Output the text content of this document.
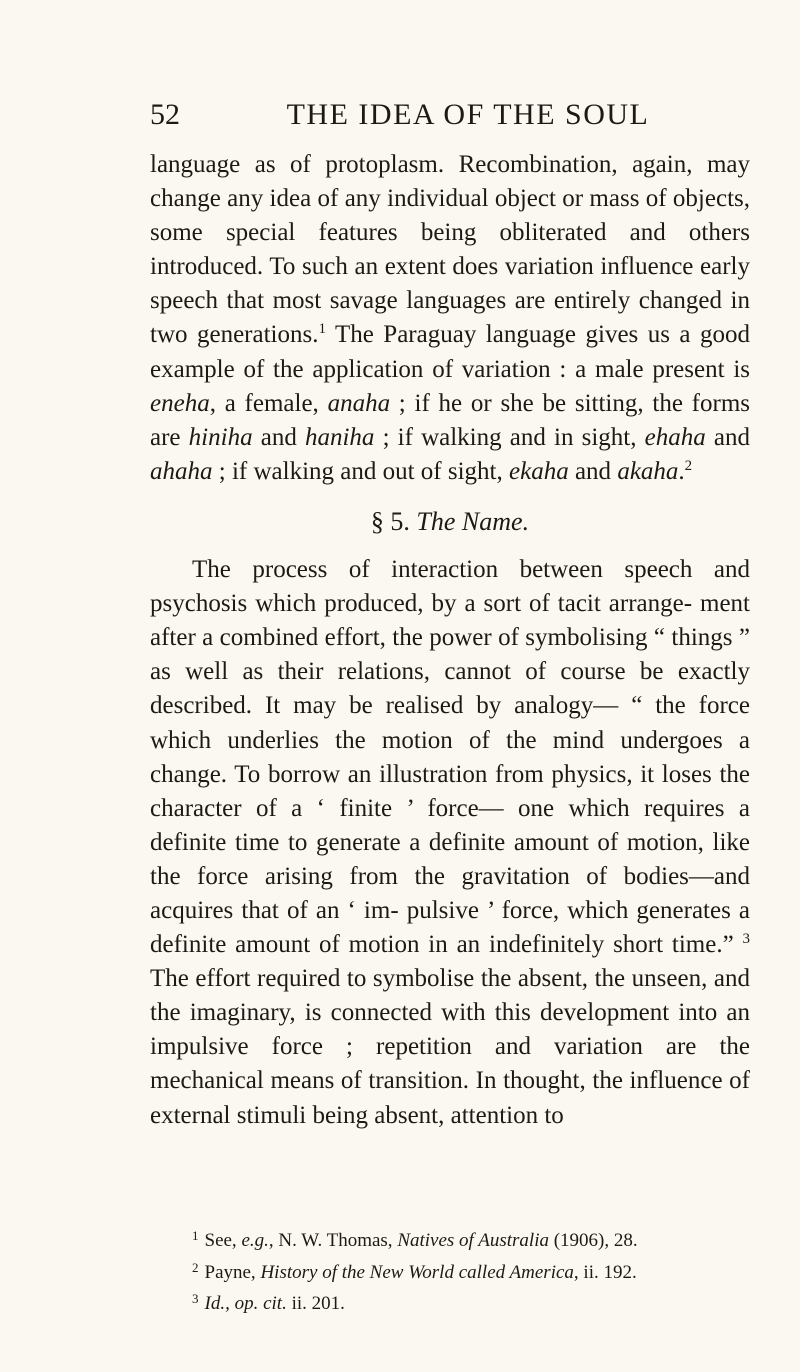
52	THE IDEA OF THE SOUL

language as of protoplasm. Recombination, again, may change any idea of any individual object or mass of objects, some special features being obliterated and others introduced. To such an extent does variation influence early speech that most savage languages are entirely changed in two generations.$^1$ The Paraguay language gives us a good example of the application of variation : a male present is eneha, a female, anaha ; if he or she be sitting, the forms are hiniha and haniha ; if walking and in sight, ehaha and ahaha ; if walking and out of sight, ekaha and akaha.$^2$

§ 5. The Name.

The process of interaction between speech and psychosis which produced, by a sort of tacit arrange- ment after a combined effort, the power of symbolising “ things ” as well as their relations, cannot of course be exactly described. It may be realised by analogy— “ the force which underlies the motion of the mind undergoes a change. To borrow an illustration from physics, it loses the character of a ‘ finite ’ force— one which requires a definite time to generate a definite amount of motion, like the force arising from the gravitation of bodies—and acquires that of an ‘ im- pulsive ’ force, which generates a definite amount of motion in an indefinitely short time.” $^3$ The effort required to symbolise the absent, the unseen, and the imaginary, is connected with this development into an impulsive force ; repetition and variation are the mechanical means of transition. In thought, the influence of external stimuli being absent, attention to

$^1$ See, e.g., N. W. Thomas, Natives of Australia (1906), 28.
$^2$ Payne, History of the New World called America, ii. 192.
$^3$ Id., op. cit. ii. 201.
